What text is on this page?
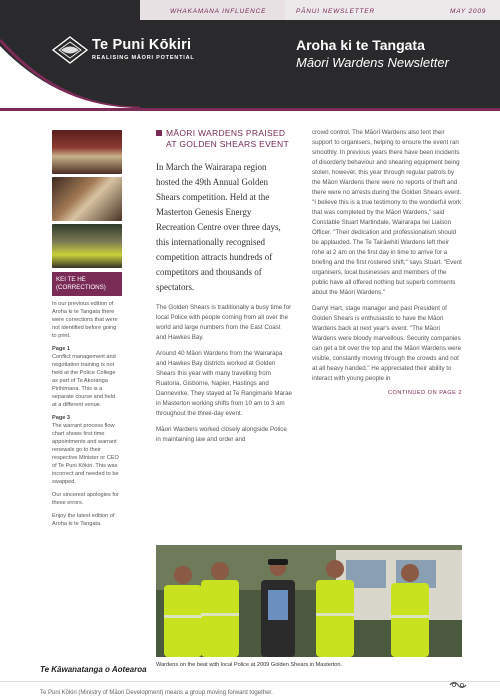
WHAKAMANA INFLUENCE	PĀNUI NEWSLETTER	MAY 2009
Te Puni Kōkiri
REALISING MĀORI POTENTIAL
Aroha ki te Tangata
Māori Wardens Newsletter
KEI TE HE (CORRECTIONS)

In our previous edition of Aroha ki te Tangata there were corrections that were not identified before going to print.

Page 1
Conflict management and negotiation training is not held at the Police College as part of Te Akoranga Pirihimana. This is a separate course and held at a different venue.

Page 3
The warrant process flow chart shows first time appointments and warrant renewals go to their respective Minister or CEO of Te Puni Kōkiri. This was incorrect and needed to be swapped.

Our sincerest apologies for these errors.

Enjoy the latest edition of Aroha ki te Tangata.

MĀORI WARDENS PRAISED AT GOLDEN SHEARS EVENT
In March the Wairarapa region hosted the 49th Annual Golden Shears competition. Held at the Masterton Genesis Energy Recreation Centre over three days, this internationally recognised competition attracts hundreds of competitors and thousands of spectators.

The Golden Shears is traditionally a busy time for local Police with people coming from all over the world and large numbers from the East Coast and Hawkes Bay.

Around 40 Māori Wardens from the Wairarapa and Hawkes Bay districts worked at Golden Shears this year with many travelling from Ruatoria, Gisborne, Napier, Hastings and Dannevirke. They stayed at Te Rangimarie Marae in Masterton working shifts from 10 am to 3 am throughout the three-day event.

Māori Wardens worked closely alongside Police in maintaining law and order and

crowd control. The Māori Wardens also lent their support to organisers, helping to ensure the event ran smoothly. In previous years there have been incidents of disorderly behaviour and shearing equipment being stolen, however, this year through regular patrols by the Māori Wardens there were no reports of theft and there were no arrests during the Golden Shears event. "I believe this is a true testimony to the wonderful work that was completed by the Māori Wardens," said Constable Stuart Martindale, Wairarapa Iwi Liaison Officer. "Their dedication and professionalism should be applauded. The Te Tairāwhiti Wardens left their rohe at 2 am on the first day in time to arrive for a briefing and the first rostered shift," says Stuart. "Event organisers, local businesses and members of the public have all offered nothing but superb comments about the Māori Wardens."

Darryl Hart, stage manager and past President of Golden Shears is enthusiastic to have the Māori Wardens back at next year's event. "The Māori Wardens were bloody marvellous. Security companies can get a bit over the top and the Māori Wardens were visible, constantly moving through the crowds and not at all heavy handed." He appreciated their ability to interact with young people in

CONTINUED ON PAGE 2
Wardens on the beat with local Police at 2009 Golden Shears in Masterton.
Te Kāwanatanga o Aotearoa
Te Puni Kōkiri (Ministry of Māori Development) means a group moving forward together.
